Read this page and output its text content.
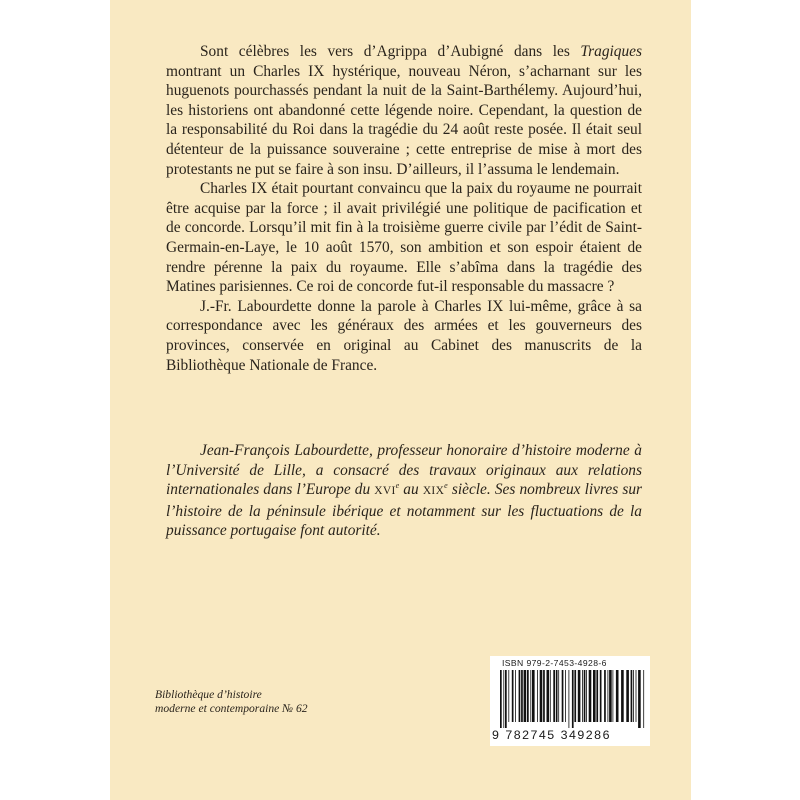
Sont célèbres les vers d’Agrippa d’Aubigné dans les Tragiques montrant un Charles IX hystérique, nouveau Néron, s’acharnant sur les huguenots pourchassés pendant la nuit de la Saint-Barthélemy. Aujourd’hui, les historiens ont abandonné cette légende noire. Cependant, la question de la responsabilité du Roi dans la tragédie du 24 août reste posée. Il était seul détenteur de la puissance souveraine ; cette entreprise de mise à mort des protestants ne put se faire à son insu. D’ailleurs, il l’assuma le lendemain.

Charles IX était pourtant convaincu que la paix du royaume ne pourrait être acquise par la force ; il avait privilégié une politique de pacification et de concorde. Lorsqu’il mit fin à la troisième guerre civile par l’édit de Saint-Germain-en-Laye, le 10 août 1570, son ambition et son espoir étaient de rendre pérenne la paix du royaume. Elle s’abîma dans la tragédie des Matines parisiennes. Ce roi de concorde fut-il responsable du massacre ?

J.-Fr. Labourdette donne la parole à Charles IX lui-même, grâce à sa correspondance avec les généraux des armées et les gouverneurs des provinces, conservée en original au Cabinet des manuscrits de la Bibliothèque Nationale de France.

Jean-François Labourdette, professeur honoraire d’histoire moderne à l’Université de Lille, a consacré des travaux originaux aux relations internationales dans l’Europe du XVIe au XIXe siècle. Ses nombreux livres sur l’histoire de la péninsule ibérique et notamment sur les fluctuations de la puissance portugaise font autorité.

Bibliothèque d’histoire
moderne et contemporaine № 62
ISBN 979-2-7453-4928-6
9 782745 349286
